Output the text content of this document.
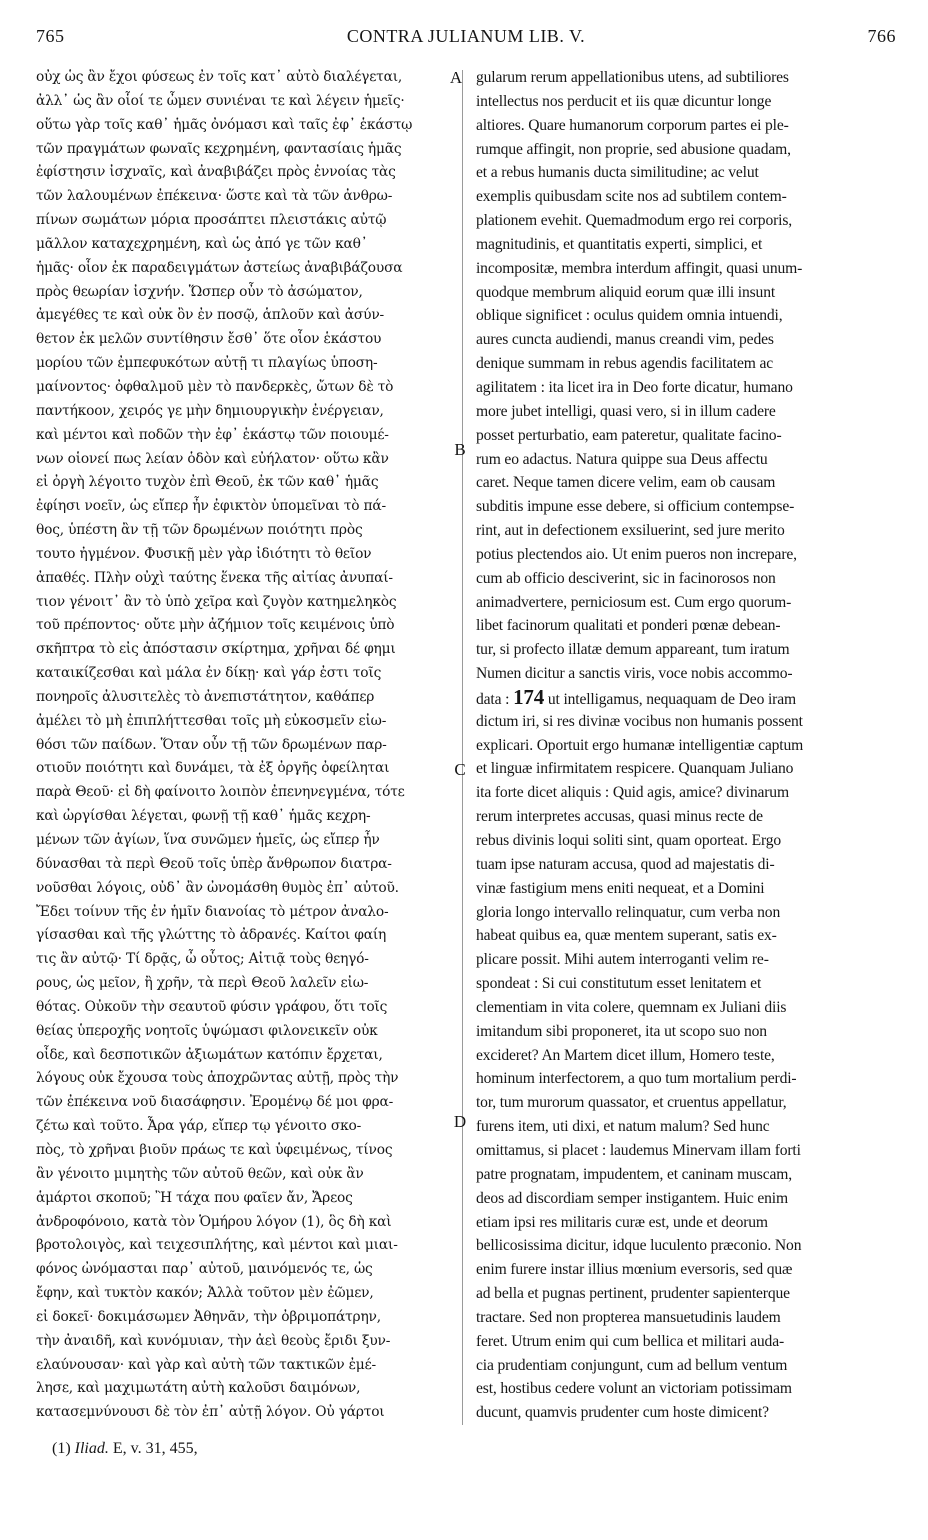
765	CONTRA JULIANUM LIB. V.	766
οὐχ ὡς ἂν ἔχοι φύσεως ἐν τοῖς κατ᾽ αὐτὸ διαλέγεται,
ἀλλ᾽ ὡς ἂν οἷοί τε ὦμεν συνιέναι τε καὶ λέγειν ἡμεῖς·
οὕτω γὰρ τοῖς καθ᾽ ἡμᾶς ὀνόμασι καὶ ταῖς ἐφ᾽ ἑκάστῳ
τῶν πραγμάτων φωναῖς κεχρημένη, φαντασίαις ἡμᾶς
ἐφίστησιν ἰσχναῖς, καὶ ἀναβιβάζει πρὸς ἐννοίας τὰς
τῶν λαλουμένων ἐπέκεινα· ὥστε καὶ τὰ τῶν ἀνθρω-
πίνων σωμάτων μόρια προσάπτει πλειστάκις αὐτῷ
μᾶλλον καταχεχρημένη, καὶ ὡς ἀπό γε τῶν καθ᾽
ἡμᾶς· οἷον ἐκ παραδειγμάτων ἀστείως ἀναβιβάζουσα
πρὸς θεωρίαν ἰσχνήν. Ὥσπερ οὖν τὸ ἀσώματον,
ἀμεγέθες τε καὶ οὐκ ὂν ἐν ποσῷ, ἁπλοῦν καὶ ἀσύν-
θετον ἐκ μελῶν συντίθησιν ἔσθ᾽ ὅτε οἷον ἑκάστου
μορίου τῶν ἐμπεφυκότων αὐτῇ τι πλαγίως ὑποση-
μαίνοντος· ὀφθαλμοῦ μὲν τὸ πανδερκὲς, ὤτων δὲ τὸ
παντήκοον, χειρός γε μὴν δημιουργικὴν ἐνέργειαν,
καὶ μέντοι καὶ ποδῶν τὴν ἐφ᾽ ἑκάστῳ τῶν ποιουμέ-
νων οἱονεί πως λείαν ὁδὸν καὶ εὐήλατον· οὕτω κἂν
εἰ ὀργὴ λέγοιτο τυχὸν ἐπὶ Θεοῦ, ἐκ τῶν καθ᾽ ἡμᾶς
ἐφίησι νοεῖν, ὡς εἴπερ ἦν ἐφικτὸν ὑπομεῖναι τὸ πά-
θος, ὑπέστη ἂν τῇ τῶν δρωμένων ποιότητι πρὸς
τουτο ἠγμένον. Φυσικῇ μὲν γὰρ ἰδιότητι τὸ θεῖον
ἀπαθές. Πλὴν οὐχὶ ταύτης ἕνεκα τῆς αἰτίας ἀνυπαί-
τιον γένοιτ᾽ ἂν τὸ ὑπὸ χεῖρα καὶ ζυγὸν κατημεληκὸς
τοῦ πρέποντος· οὔτε μὴν ἀζήμιον τοῖς κειμένοις ὑπὸ
σκῆπτρα τὸ εἰς ἀπόστασιν σκίρτημα, χρῆναι δέ φημι
καταικίζεσθαι καὶ μάλα ἐν δίκῃ· καὶ γάρ ἐστι τοῖς
πονηροῖς ἀλυσιτελὲς τὸ ἀνεπιστάτητον, καθάπερ
ἀμέλει τὸ μὴ ἐπιπλήττεσθαι τοῖς μὴ εὐκοσμεῖν εἰω-
θόσι τῶν παίδων. Ὅταν οὖν τῇ τῶν δρωμένων παρ-
οτιοῦν ποιότητι καὶ δυνάμει, τὰ ἐξ ὀργῆς ὀφείληται
παρὰ Θεοῦ· εἰ δὴ φαίνοιτο λοιπὸν ἐπενηνεγμένα, τότε
καὶ ὠργίσθαι λέγεται, φωνῇ τῇ καθ᾽ ἡμᾶς κεχρη-
μένων τῶν ἁγίων, ἵνα συνῶμεν ἡμεῖς, ὡς εἴπερ ἦν
δύνασθαι τὰ περὶ Θεοῦ τοῖς ὑπὲρ ἄνθρωπον διατρα-
νοῦσθαι λόγοις, οὐδ᾽ ἂν ὠνομάσθη θυμὸς ἐπ᾽ αὐτοῦ.
Ἔδει τοίνυν τῆς ἐν ἡμῖν διανοίας τὸ μέτρον ἀναλο-
γίσασθαι καὶ τῆς γλώττης τὸ ἀδρανές. Καίτοι φαίη
τις ἂν αὐτῷ· Τί δρᾷς, ὦ οὗτος; Αἰτιᾷ τοὺς θεηγό-
ρους, ὡς μεῖον, ἢ χρῆν, τὰ περὶ Θεοῦ λαλεῖν εἰω-
θότας. Οὐκοῦν τὴν σεαυτοῦ φύσιν γράφου, ὅτι τοῖς
θείας ὑπεροχῆς νοητοῖς ὑψώμασι φιλονεικεῖν οὐκ
οἶδε, καὶ δεσποτικῶν ἀξιωμάτων κατόπιν ἔρχεται,
λόγους οὐκ ἔχουσα τοὺς ἀποχρῶντας αὐτῇ, πρὸς τὴν
τῶν ἐπέκεινα νοῦ διασάφησιν. Ἐρομένῳ δέ μοι φρα-
ζέτω καὶ τοῦτο. Ἆρα γάρ, εἴπερ τῳ γένοιτο σκο-
πὸς, τὸ χρῆναι βιοῦν πράως τε καὶ ὑφειμένως, τίνος
ἂν γένοιτο μιμητὴς τῶν αὐτοῦ θεῶν, καὶ οὐκ ἂν
ἁμάρτοι σκοποῦ; Ἢ τάχα που φαῖεν ἄν, Ἄρεος
ἀνδροφόνοιο, κατὰ τὸν Ὁμήρου λόγον (1), ὃς δὴ καὶ
βροτολοιγὸς, καὶ τειχεσιπλήτης, καὶ μέντοι καὶ μιαι-
φόνος ὠνόμασται παρ᾽ αὐτοῦ, μαινόμενός τε, ὡς
ἔφην, καὶ τυκτὸν κακόν; Ἀλλὰ τοῦτον μὲν ἐῶμεν,
εἰ δοκεῖ· δοκιμάσωμεν Ἀθηνᾶν, τὴν ὀβριμοπάτρην,
τὴν ἀναιδῆ, καὶ κυνόμυιαν, τὴν ἀεὶ θεοὺς ἔριδι ξυν-
ελαύνουσαν· καὶ γὰρ καὶ αὐτὴ τῶν τακτικῶν ἐμέ-
λησε, καὶ μαχιμωτάτη αὐτὴ καλοῦσι δαιμόνων,
κατασεμνύνουσι δὲ τὸν ἐπ᾽ αὐτῇ λόγον. Οὐ γάρτοι
gularum rerum appellationibus utens, ad subtiliores
intellectus nos perducit et iis quæ dicuntur longe
altiores. Quare humanorum corporum partes ei ple-
rumque affingit, non proprie, sed abusione quadam,
et a rebus humanis ducta similitudine; ac velut
exemplis quibusdam scite nos ad subtilem contem-
plationem evehit. Quemadmodum ergo rei corporis,
magnitudinis, et quantitatis experti, simplici, et
incompositæ, membra interdum affingit, quasi unum-
quodque membrum aliquid eorum quæ illi insunt
oblique significet : oculus quidem omnia intuendi,
aures cuncta audiendi, manus creandi vim, pedes
denique summam in rebus agendis facilitatem ac
agilitatem : ita licet ira in Deo forte dicatur, humano
more jubet intelligi, quasi vero, si in illum cadere
posset perturbatio, eam pateretur, qualitate facino-
rum eo adactus. Natura quippe sua Deus affectu
caret. Neque tamen dicere velim, eam ob causam
subditis impune esse debere, si officium contempse-
rint, aut in defectionem exsiluerint, sed jure merito
potius plectendos aio. Ut enim pueros non increpare,
cum ab officio desciverint, sic in facinorosos non
animadvertere, perniciosum est. Cum ergo quorum-
libet facinorum qualitati et ponderi pœnæ debean-
tur, si profecto illatæ demum appareant, tum iratum
Numen dicitur a sanctis viris, voce nobis accommo-
data : 174 ut intelligamus, nequaquam de Deo iram
dictum iri, si res divinæ vocibus non humanis possent
explicari. Oportuit ergo humanæ intelligentiæ captum
et linguæ infirmitatem respicere. Quanquam Juliano
ita forte dicet aliquis : Quid agis, amice? divinarum
rerum interpretes accusas, quasi minus recte de
rebus divinis loqui soliti sint, quam oporteat. Ergo
tuam ipse naturam accusa, quod ad majestatis di-
vinæ fastigium mens eniti nequeat, et a Domini
gloria longo intervallo relinquatur, cum verba non
habeat quibus ea, quæ mentem superant, satis ex-
plicare possit. Mihi autem interroganti velim re-
spondeat : Si cui constitutum esset lenitatem et
clementiam in vita colere, quemnam ex Juliani diis
imitandum sibi proponeret, ita ut scopo suo non
excideret? An Martem dicet illum, Homero teste,
hominum interfectorem, a quo tum mortalium perdi-
tor, tum murorum quassator, et cruentus appellatur,
furens item, uti dixi, et natum malum? Sed hunc
omittamus, si placet : laudemus Minervam illam forti
patre prognatam, impudentem, et caninam muscam,
deos ad discordiam semper instigantem. Huic enim
etiam ipsi res militaris curæ est, unde et deorum
bellicosissima dicitur, idque luculento præconio. Non
enim furere instar illius mœnium eversoris, sed quæ
ad bella et pugnas pertinent, prudenter sapienterque
tractare. Sed non propterea mansuetudinis laudem
feret. Utrum enim qui cum bellica et militari auda-
cia prudentiam conjungunt, cum ad bellum ventum
est, hostibus cedere volunt an victoriam potissimam
ducunt, quamvis prudenter cum hoste dimicent?
A
B
C
D
(1) Iliad. E, v. 31, 455,
